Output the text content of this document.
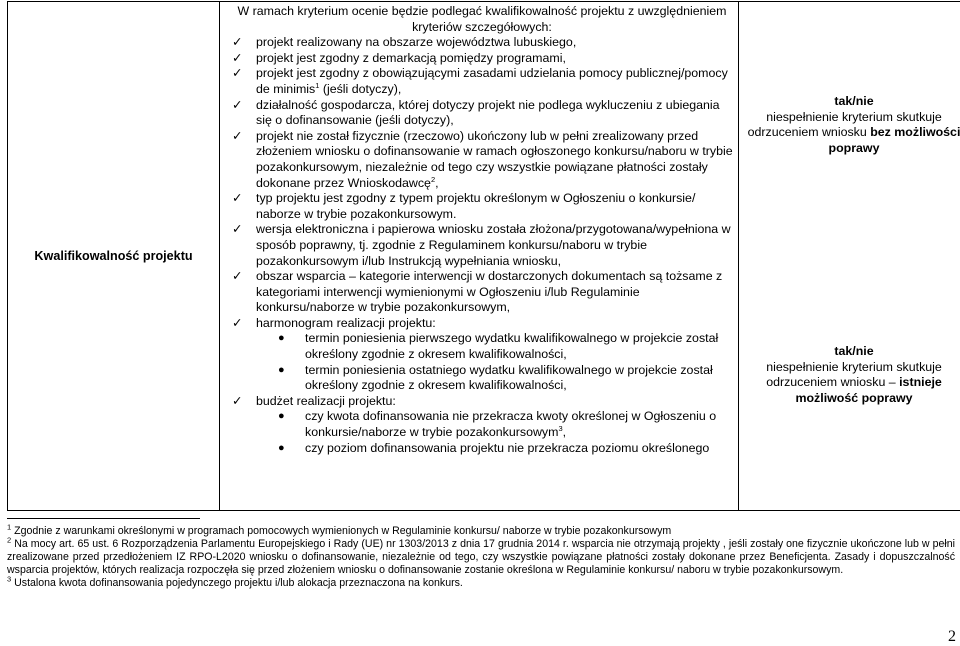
Kwalifikowalność projektu	
W ramach kryterium ocenie będzie podlegać kwalifikowalność projektu z uwzględnieniem kryteriów szczegółowych:
✓ projekt realizowany na obszarze województwa lubuskiego,
✓ projekt jest zgodny z demarkacją pomiędzy programami,
✓ projekt jest zgodny z obowiązującymi zasadami udzielania pomocy publicznej/pomocy de minimis$^1$ (jeśli dotyczy),
✓ działalność gospodarcza, której dotyczy projekt nie podlega wykluczeniu z ubiegania się o dofinansowanie (jeśli dotyczy),
✓ projekt nie został fizycznie (rzeczowo) ukończony lub w pełni zrealizowany przed złożeniem wniosku o dofinansowanie w ramach ogłoszonego konkursu/naboru w trybie pozakonkursowym, niezależnie od tego czy wszystkie powiązane płatności zostały dokonane przez Wnioskodawcę$^2$,
✓ typ projektu jest zgodny z typem projektu określonym w Ogłoszeniu o konkursie/ naborze w trybie pozakonkursowym.
✓ wersja elektroniczna i papierowa wniosku została złożona/przygotowana/wypełniona w sposób poprawny, tj. zgodnie z Regulaminem konkursu/naboru w trybie pozakonkursowym i/lub Instrukcją wypełniania wniosku,
✓ obszar wsparcia – kategorie interwencji w dostarczonych dokumentach są tożsame z kategoriami interwencji wymienionymi w Ogłoszeniu i/lub Regulaminie konkursu/naborze w trybie pozakonkursowym,
✓ harmonogram realizacji projektu:
● termin poniesienia pierwszego wydatku kwalifikowalnego w projekcie został określony zgodnie z okresem kwalifikowalności,
● termin poniesienia ostatniego wydatku kwalifikowalnego w projekcie został określony zgodnie z okresem kwalifikowalności,
✓ budżet realizacji projektu:
● czy kwota dofinansowania nie przekracza kwoty określonej w Ogłoszeniu o konkursie/naborze w trybie pozakonkursowym$^3$,
● czy poziom dofinansowania projektu nie przekracza poziomu określonego

tak/nie
niespełnienie kryterium skutkuje
odrzuceniem wniosku bez możliwości
poprawy
tak/nie
niespełnienie kryterium skutkuje
odrzuceniem wniosku – istnieje
możliwość poprawy

$^1$ Zgodnie z warunkami określonymi w programach pomocowych wymienionych w Regulaminie konkursu/ naborze w trybie pozakonkursowym

$^2$ Na mocy art. 65 ust. 6 Rozporządzenia Parlamentu Europejskiego i Rady (UE) nr 1303/2013 z dnia 17 grudnia 2014 r. wsparcia nie otrzymają projekty , jeśli zostały one fizycznie ukończone lub w pełni zrealizowane przed przedłożeniem IZ RPO-L2020 wniosku o dofinansowanie, niezależnie od tego, czy wszystkie powiązane płatności zostały dokonane przez Beneficjenta. Zasady i dopuszczalność wsparcia projektów, których realizacja rozpoczęła się przed złożeniem wniosku o dofinansowanie zostanie określona w Regulaminie konkursu/ naboru w trybie pozakonkursowym.

$^3$ Ustalona kwota dofinansowania pojedynczego projektu i/lub alokacja przeznaczona na konkurs.

2
